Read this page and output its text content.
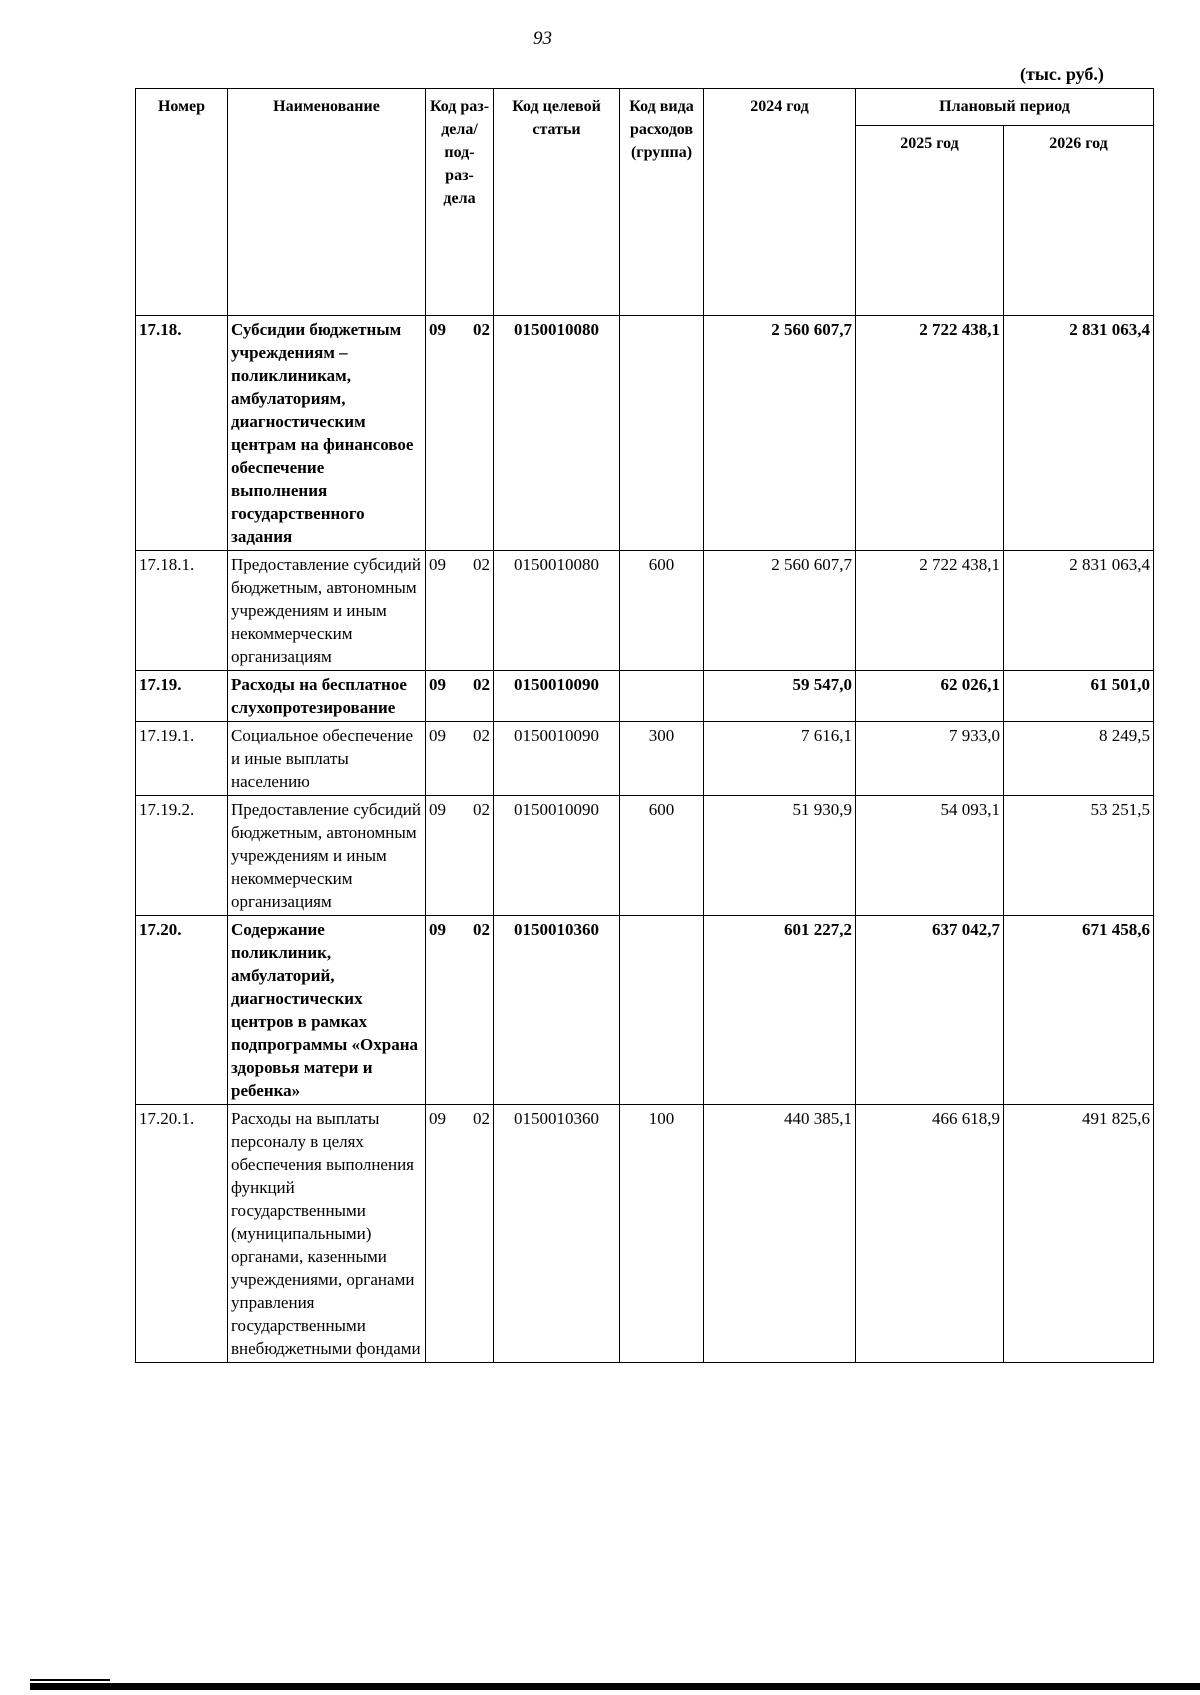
93
(тыс. руб.)
Номер	Наименование	Код раз- дела/ под- раз- дела	Код целевой статьи	Код вида расходов (группа)	2024 год	Плановый период	
						2025 год	2026 год
17.18.	Субсидии бюджетным учреждениям – поликлиникам, амбулаториям, диагностическим центрам на финансовое обеспечение выполнения государственного задания	09 02	0150010080		2 560 607,7	2 722 438,1	2 831 063,4
17.18.1.	Предоставление субсидий бюджетным, автономным учреждениям и иным некоммерческим организациям	09 02	0150010080	600	2 560 607,7	2 722 438,1	2 831 063,4
17.19.	Расходы на бесплатное слухопротезирование	09 02	0150010090		59 547,0	62 026,1	61 501,0
17.19.1.	Социальное обеспечение и иные выплаты населению	09 02	0150010090	300	7 616,1	7 933,0	8 249,5
17.19.2.	Предоставление субсидий бюджетным, автономным учреждениям и иным некоммерческим организациям	09 02	0150010090	600	51 930,9	54 093,1	53 251,5
17.20.	Содержание поликлиник, амбулаторий, диагностических центров в рамках подпрограммы «Охрана здоровья матери и ребенка»	09 02	0150010360		601 227,2	637 042,7	671 458,6
17.20.1.	Расходы на выплаты персоналу в целях обеспечения выполнения функций государственными (муниципальными) органами, казенными учреждениями, органами управления государственными внебюджетными фондами	09 02	0150010360	100	440 385,1	466 618,9	491 825,6
